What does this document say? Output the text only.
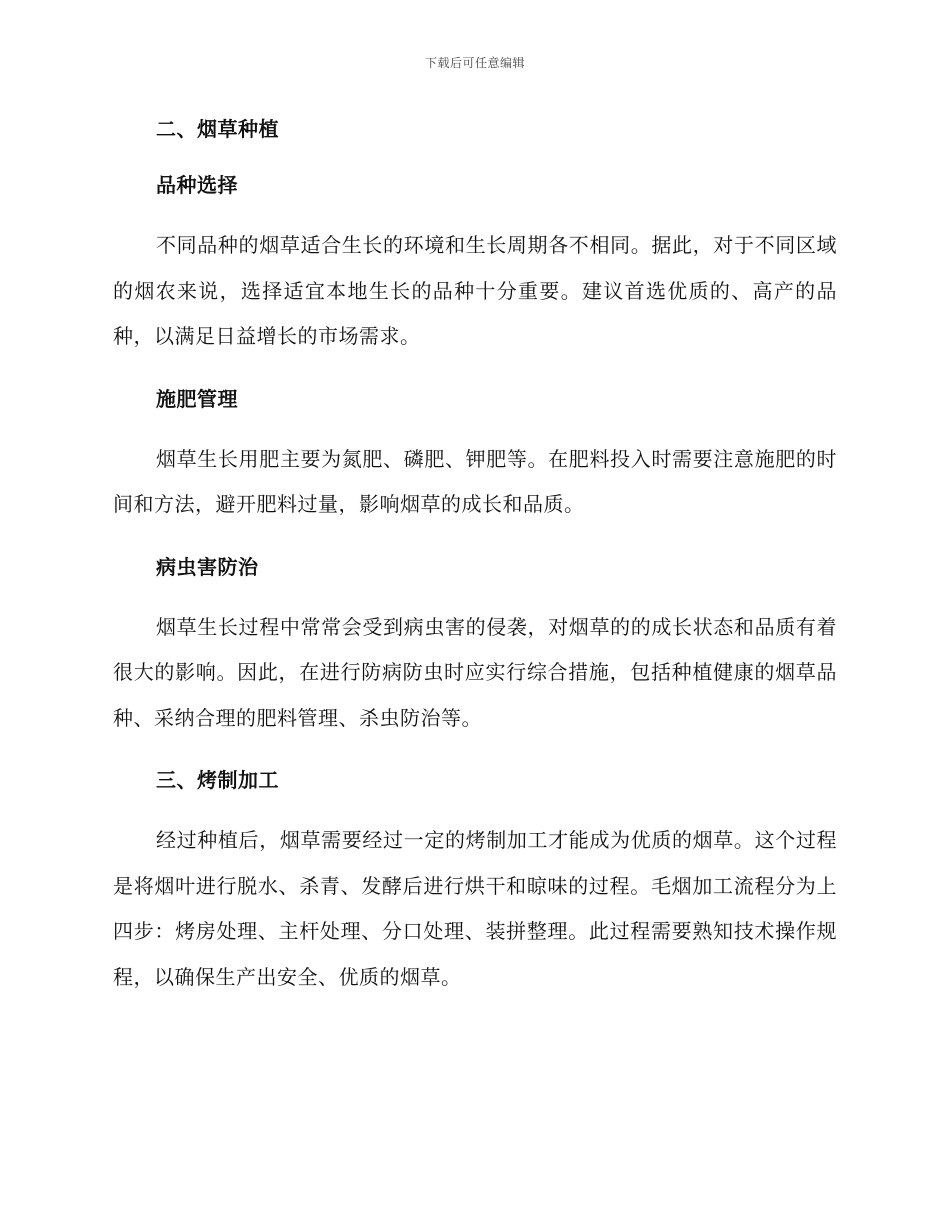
下载后可任意编辑
二、烟草种植
品种选择

不同品种的烟草适合生长的环境和生长周期各不相同。据此，对于不同区域的烟农来说，选择适宜本地生长的品种十分重要。建议首选优质的、高产的品种，以满足日益增长的市场需求。

施肥管理

烟草生长用肥主要为氮肥、磷肥、钾肥等。在肥料投入时需要注意施肥的时间和方法，避开肥料过量，影响烟草的成长和品质。

病虫害防治

烟草生长过程中常常会受到病虫害的侵袭，对烟草的的成长状态和品质有着很大的影响。因此，在进行防病防虫时应实行综合措施，包括种植健康的烟草品种、采纳合理的肥料管理、杀虫防治等。

三、烤制加工

经过种植后，烟草需要经过一定的烤制加工才能成为优质的烟草。这个过程是将烟叶进行脱水、杀青、发酵后进行烘干和晾味的过程。毛烟加工流程分为上四步：烤房处理、主杆处理、分口处理、装拼整理。此过程需要熟知技术操作规程，以确保生产出安全、优质的烟草。
